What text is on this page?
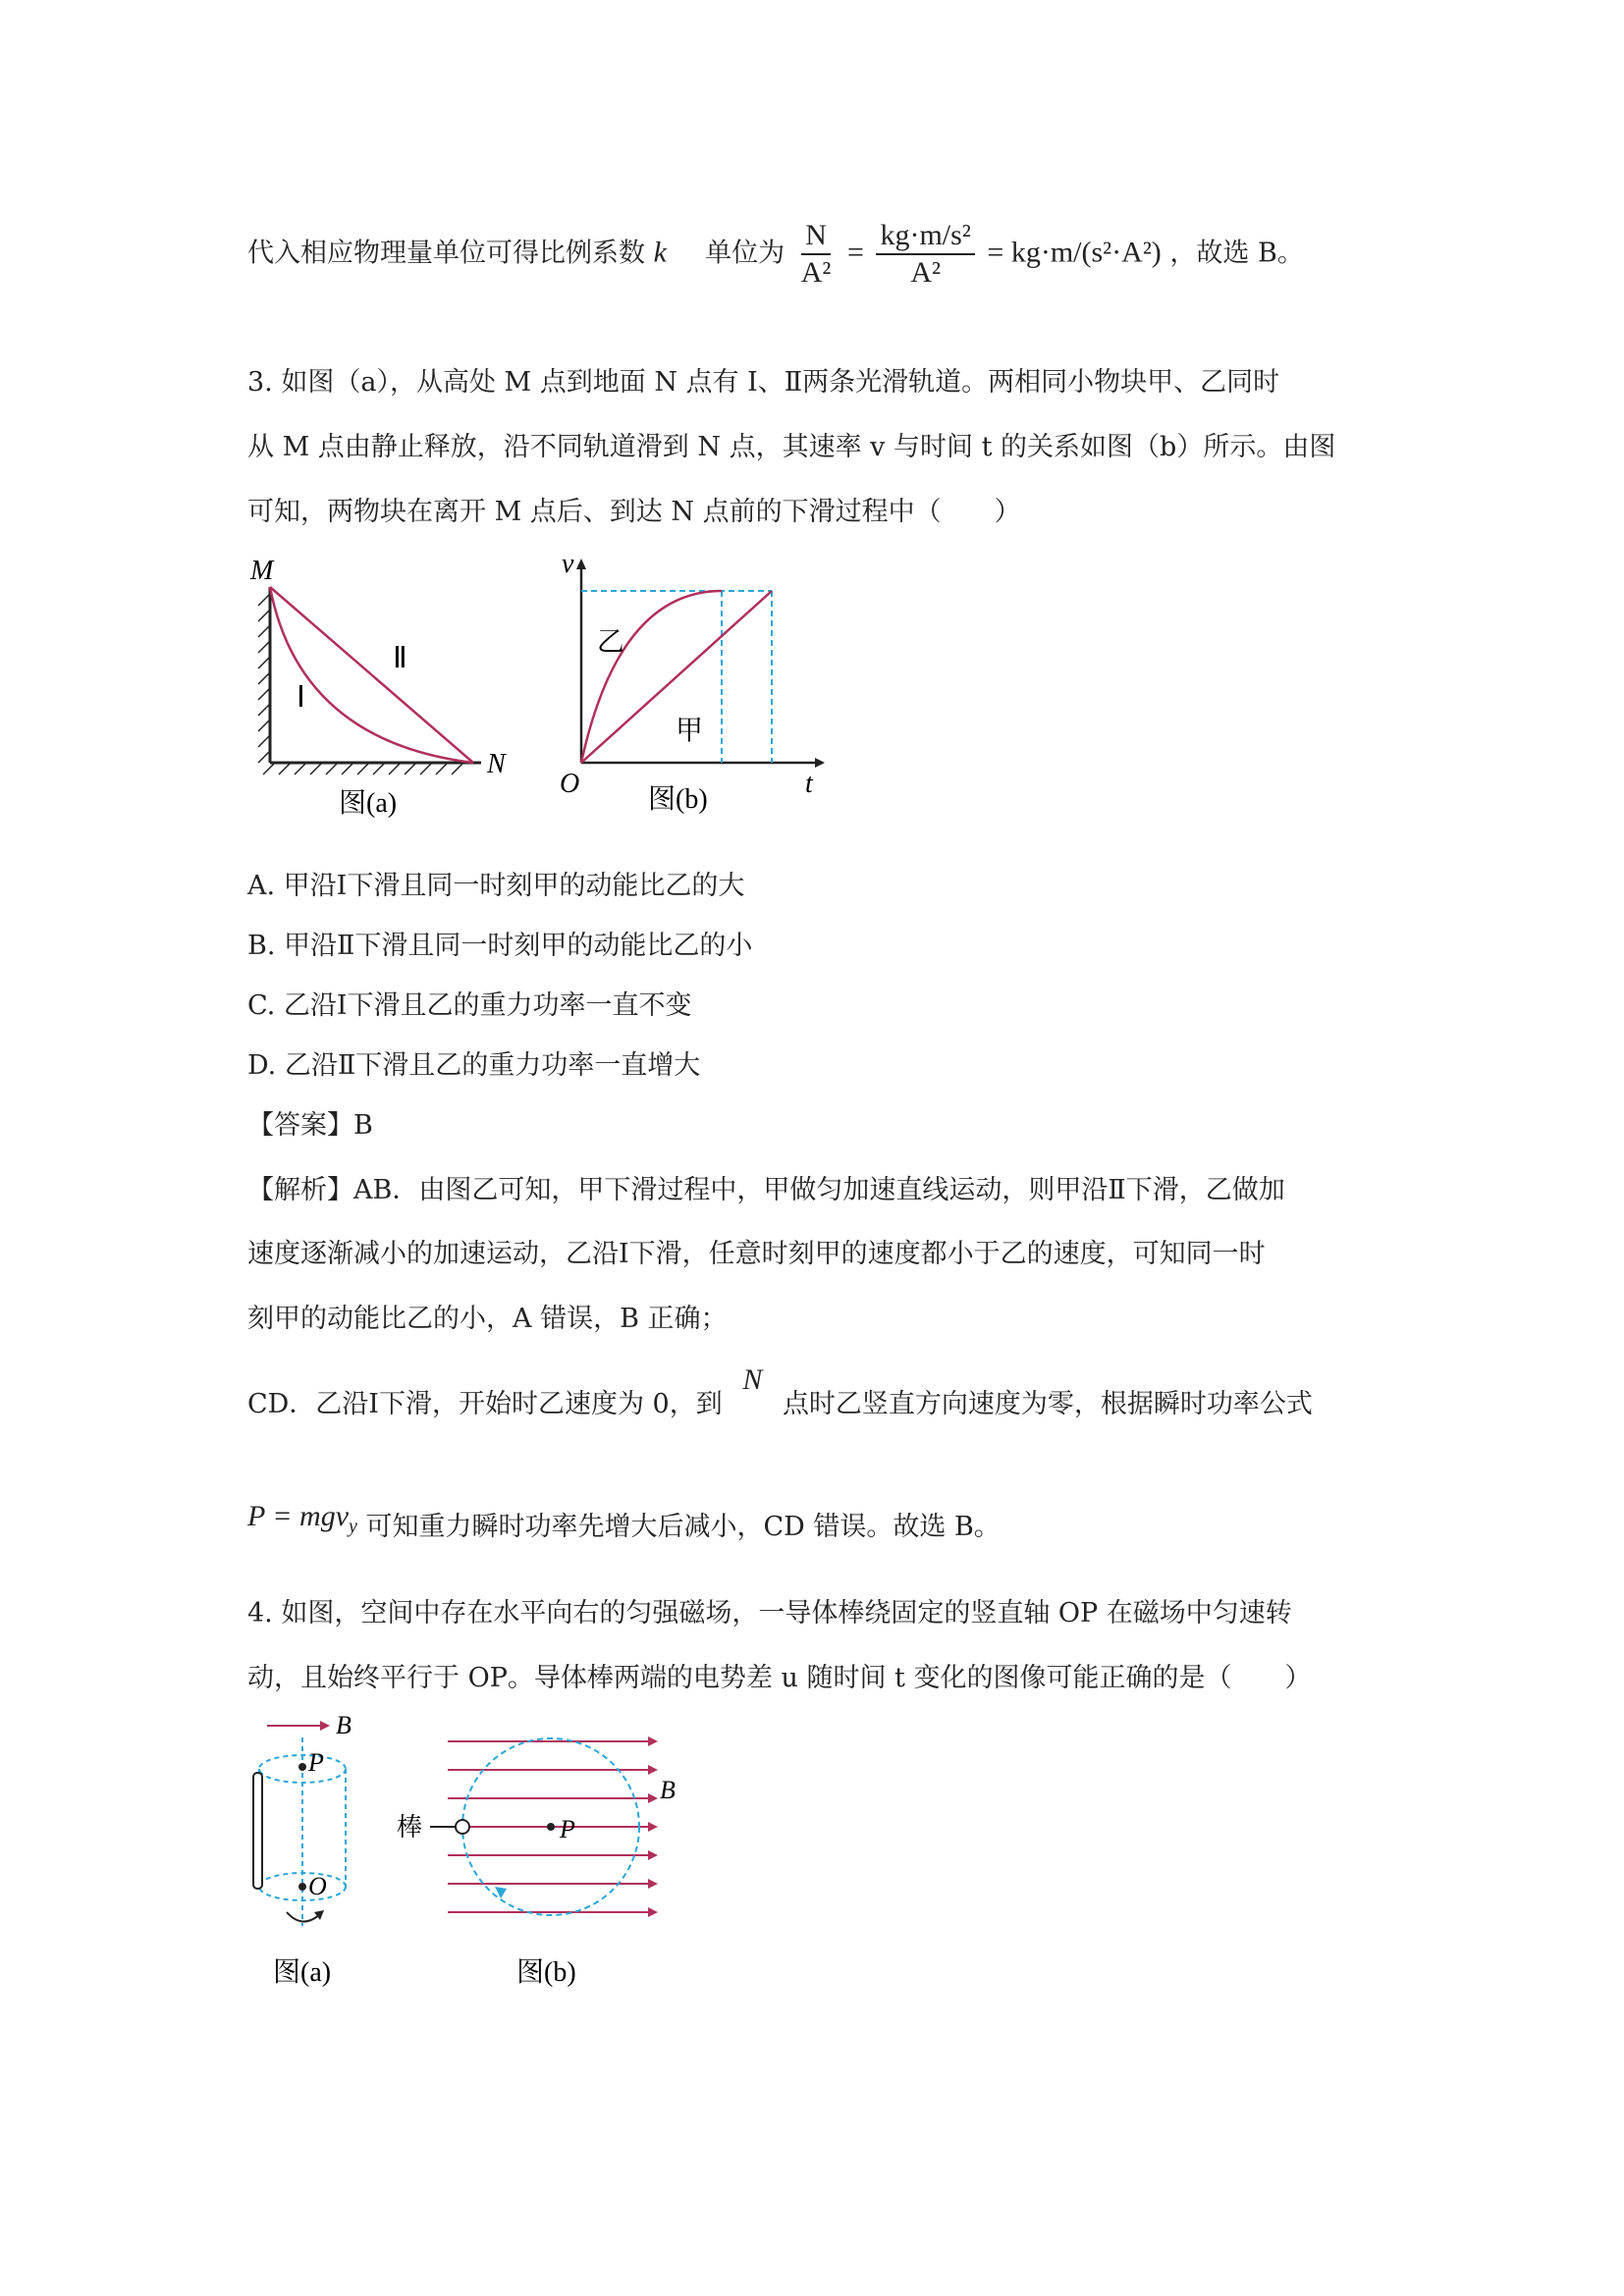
代入相应物理量单位可得比例系数 k 单位为 $\frac{N}{\text{A²}} = \frac{\text{kg·m/s²}}{\text{A²}} = kg\cdot m/(s^2\cdot A^2)$ ，故选 B。
3. 如图（a），从高处 M 点到地面 N 点有 Ⅰ、Ⅱ两条光滑轨道。两相同小物块甲、乙同时
从 M 点由静止释放，沿不同轨道滑到 N 点，其速率 v 与时间 t 的关系如图（b）所示。由图
可知，两物块在离开 M 点后、到达 N 点前的下滑过程中（　　）
M
N
Ⅰ
Ⅱ
图(a)
v
t
O
乙
甲
图(b)
A. 甲沿Ⅰ下滑且同一时刻甲的动能比乙的大
B. 甲沿Ⅱ下滑且同一时刻甲的动能比乙的小
C. 乙沿Ⅰ下滑且乙的重力功率一直不变
D. 乙沿Ⅱ下滑且乙的重力功率一直增大
【答案】B
【解析】AB．由图乙可知，甲下滑过程中，甲做匀加速直线运动，则甲沿Ⅱ下滑，乙做加
速度逐渐减小的加速运动，乙沿Ⅰ下滑，任意时刻甲的速度都小于乙的速度，可知同一时
刻甲的动能比乙的小，A 错误，B 正确；
CD．乙沿Ⅰ下滑，开始时乙速度为 0，到 N 点时乙竖直方向速度为零，根据瞬时功率公式
P = mgv$_y$ 可知重力瞬时功率先增大后减小，CD 错误。故选 B。
4. 如图，空间中存在水平向右的匀强磁场，一导体棒绕固定的竖直轴 OP 在磁场中匀速转
动，且始终平行于 OP。导体棒两端的电势差 u 随时间 t 变化的图像可能正确的是（　　）
B
P
O
图(a)
B
P
棒
图(b)
